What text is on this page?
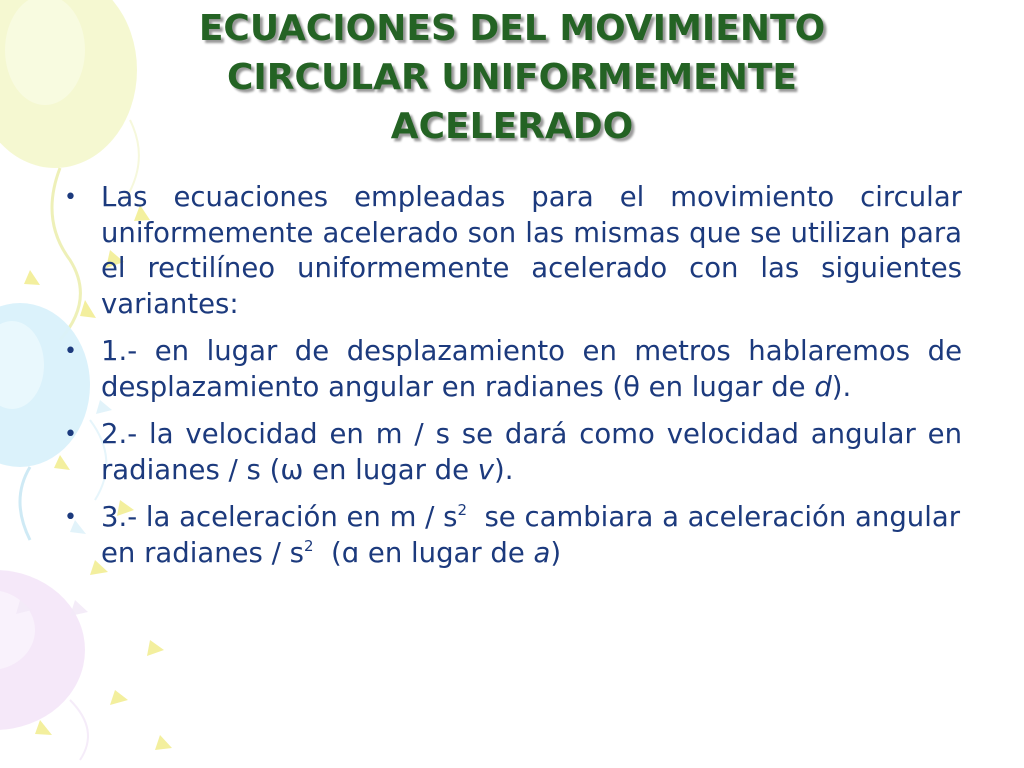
ECUACIONES DEL MOVIMIENTO
CIRCULAR UNIFORMEMENTE
ACELERADO
• Las ecuaciones empleadas para el movimiento circular uniformemente acelerado son las mismas que se utilizan para el rectilíneo uniformemente acelerado con las siguientes variantes:
• 1.- en lugar de desplazamiento en metros hablaremos de desplazamiento angular en radianes (θ en lugar de d).
• 2.- la velocidad en m / s se dará como velocidad angular en radianes / s (ω en lugar de v).
• 3.- la aceleración en m / $s^2$  se cambiara a aceleración angular en radianes / $s^2$  (ɑ en lugar de a)
